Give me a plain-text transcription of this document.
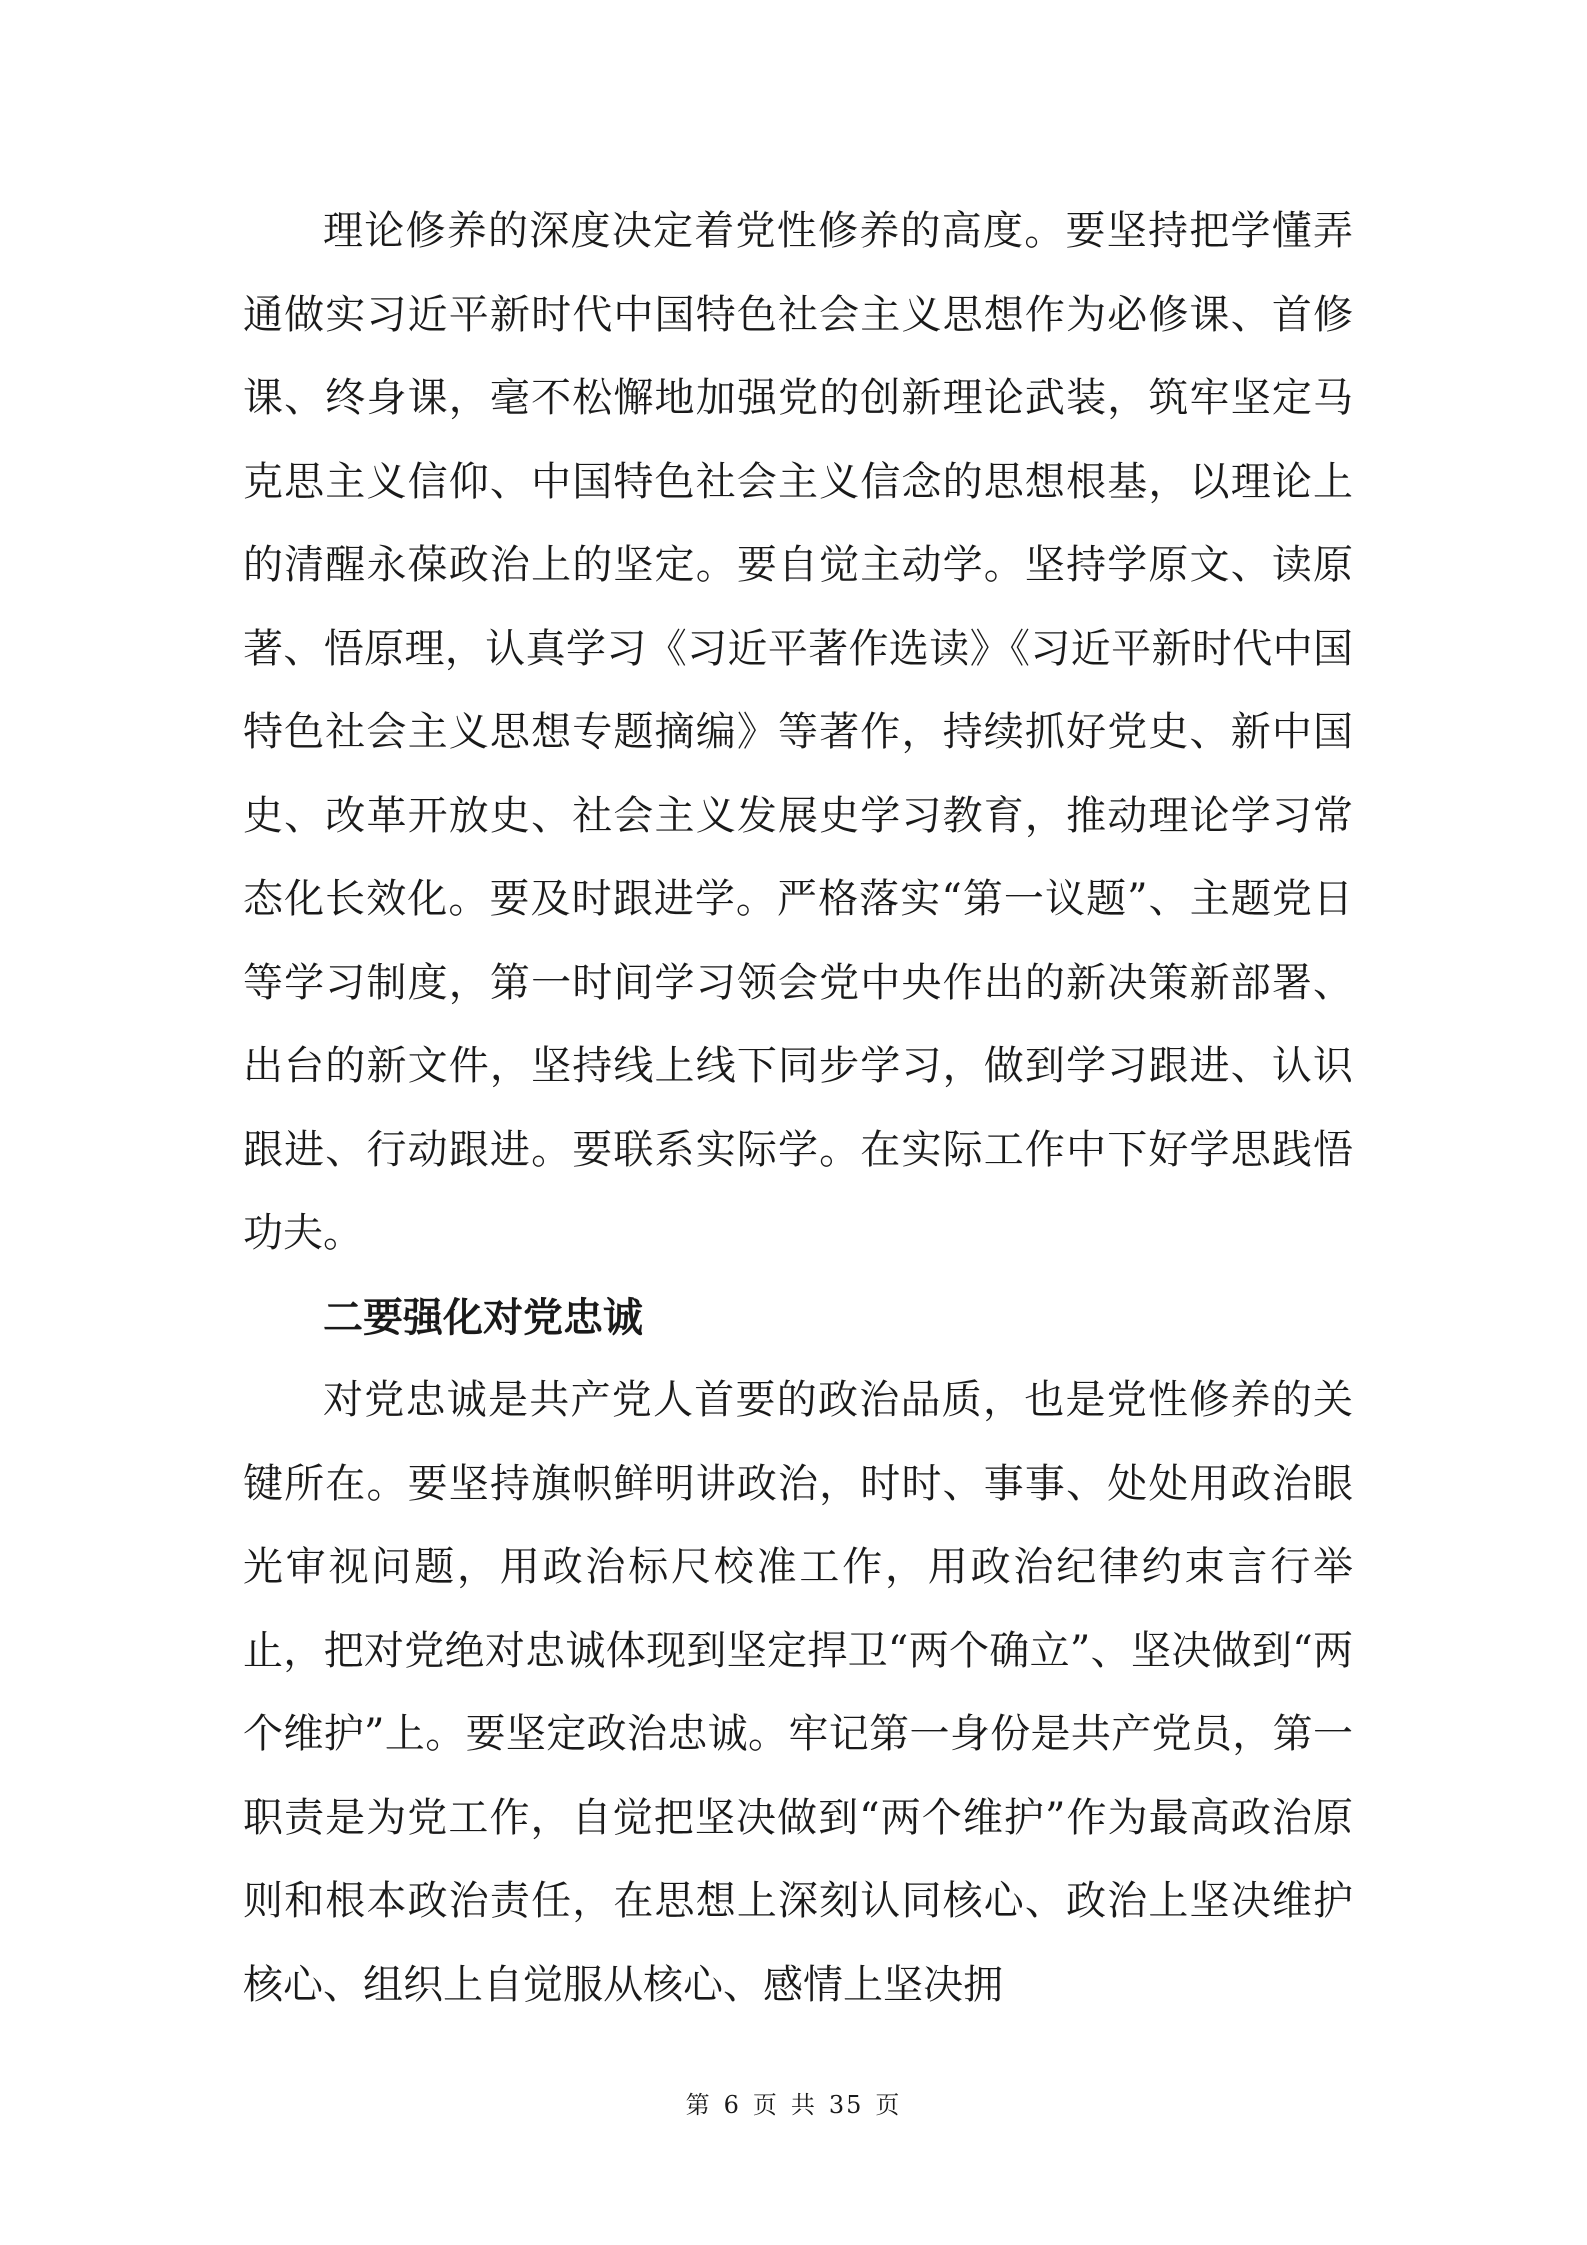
理论修养的深度决定着党性修养的高度。要坚持把学懂弄通做实习近平新时代中国特色社会主义思想作为必修课、首修课、终身课，毫不松懈地加强党的创新理论武装，筑牢坚定马克思主义信仰、中国特色社会主义信念的思想根基，以理论上的清醒永葆政治上的坚定。要自觉主动学。坚持学原文、读原著、悟原理，认真学习《习近平著作选读》《习近平新时代中国特色社会主义思想专题摘编》等著作，持续抓好党史、新中国史、改革开放史、社会主义发展史学习教育，推动理论学习常态化长效化。要及时跟进学。严格落实“第一议题”、主题党日等学习制度，第一时间学习领会党中央作出的新决策新部署、出台的新文件，坚持线上线下同步学习，做到学习跟进、认识跟进、行动跟进。要联系实际学。在实际工作中下好学思践悟功夫。

二要强化对党忠诚

对党忠诚是共产党人首要的政治品质，也是党性修养的关键所在。要坚持旗帜鲜明讲政治，时时、事事、处处用政治眼光审视问题，用政治标尺校准工作，用政治纪律约束言行举止，把对党绝对忠诚体现到坚定捍卫“两个确立”、坚决做到“两个维护”上。要坚定政治忠诚。牢记第一身份是共产党员，第一职责是为党工作，自觉把坚决做到“两个维护”作为最高政治原则和根本政治责任，在思想上深刻认同核心、政治上坚决维护核心、组织上自觉服从核心、感情上坚决拥

第 6 页 共 35 页
